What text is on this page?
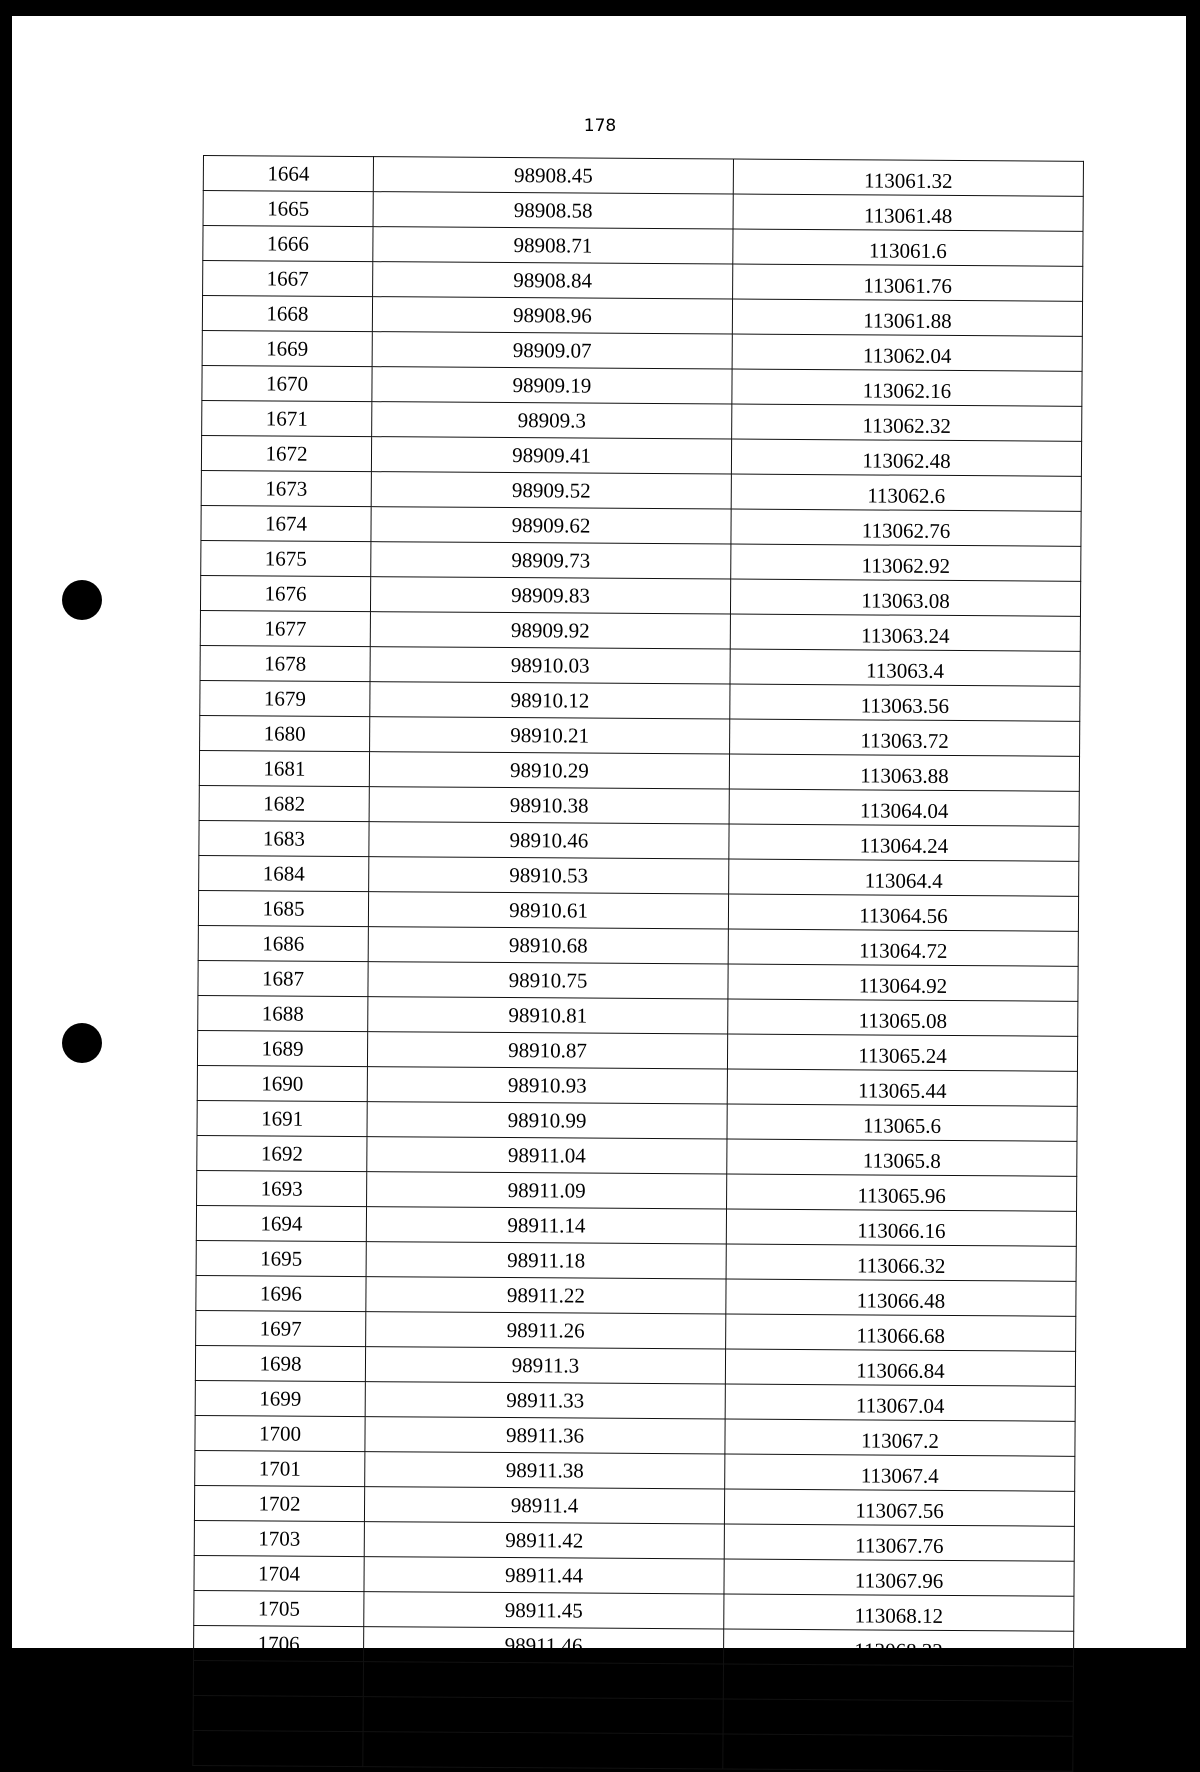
178
1664	98908.45	113061.32
1665	98908.58	113061.48
1666	98908.71	113061.6
1667	98908.84	113061.76
1668	98908.96	113061.88
1669	98909.07	113062.04
1670	98909.19	113062.16
1671	98909.3	113062.32
1672	98909.41	113062.48
1673	98909.52	113062.6
1674	98909.62	113062.76
1675	98909.73	113062.92
1676	98909.83	113063.08
1677	98909.92	113063.24
1678	98910.03	113063.4
1679	98910.12	113063.56
1680	98910.21	113063.72
1681	98910.29	113063.88
1682	98910.38	113064.04
1683	98910.46	113064.24
1684	98910.53	113064.4
1685	98910.61	113064.56
1686	98910.68	113064.72
1687	98910.75	113064.92
1688	98910.81	113065.08
1689	98910.87	113065.24
1690	98910.93	113065.44
1691	98910.99	113065.6
1692	98911.04	113065.8
1693	98911.09	113065.96
1694	98911.14	113066.16
1695	98911.18	113066.32
1696	98911.22	113066.48
1697	98911.26	113066.68
1698	98911.3	113066.84
1699	98911.33	113067.04
1700	98911.36	113067.2
1701	98911.38	113067.4
1702	98911.4	113067.56
1703	98911.42	113067.76
1704	98911.44	113067.96
1705	98911.45	113068.12
1706	98911.46	113068.32
1707	98911.47	113068.52
1708	98911.47	113068.68
1709	98911.47	113068.88
